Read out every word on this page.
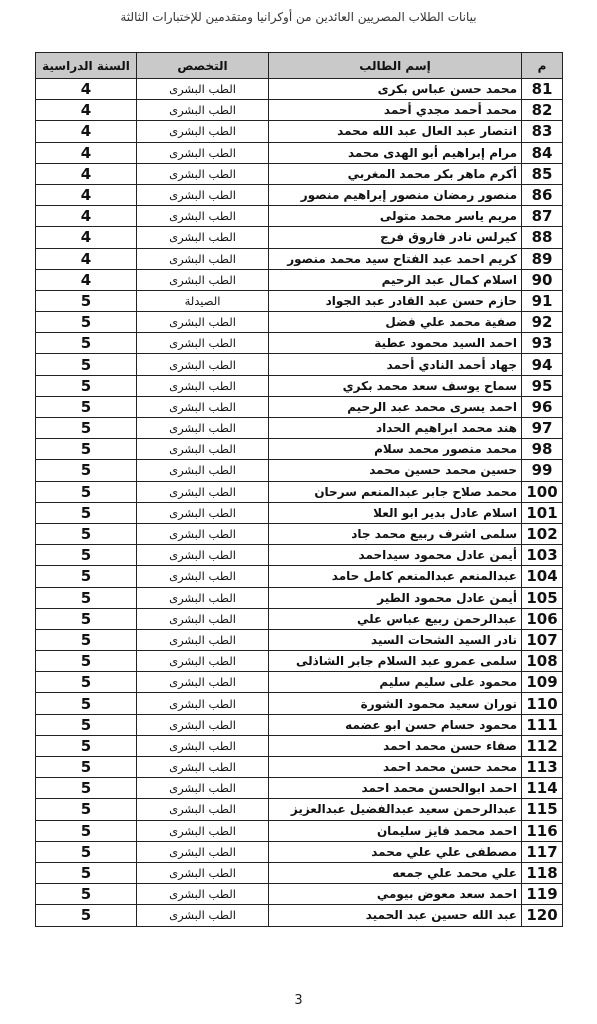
بيانات الطلاب المصريين العائدين من أوكرانيا ومتقدمين للإختبارات الثالثة
م	إسم الطالب	التخصص	السنة الدراسية
81	محمد حسن عباس بكرى	الطب البشرى	4
82	محمد أحمد مجدي أحمد	الطب البشرى	4
83	انتصار عبد العال عبد الله محمد	الطب البشرى	4
84	مرام إبراهيم أبو الهدى محمد	الطب البشرى	4
85	أكرم ماهر بكر محمد المغربي	الطب البشرى	4
86	منصور رمضان منصور إبراهيم منصور	الطب البشرى	4
87	مريم ياسر محمد متولى	الطب البشرى	4
88	كيرلس نادر فاروق فرج	الطب البشرى	4
89	كريم احمد عبد الفتاح سيد محمد منصور	الطب البشرى	4
90	اسلام كمال عبد الرحيم	الطب البشرى	4
91	حازم حسن عبد القادر عبد الجواد	الصيدلة	5
92	صفية محمد علي فضل	الطب البشرى	5
93	احمد السيد محمود عطية	الطب البشرى	5
94	جهاد أحمد النادي أحمد	الطب البشرى	5
95	سماح يوسف سعد محمد بكري	الطب البشرى	5
96	احمد يسرى محمد عبد الرحيم	الطب البشرى	5
97	هند محمد ابراهيم الحداد	الطب البشرى	5
98	محمد منصور محمد سلام	الطب البشرى	5
99	حسين محمد حسين محمد	الطب البشرى	5
100	محمد صلاح جابر عبدالمنعم سرحان	الطب البشرى	5
101	اسلام عادل بدير ابو العلا	الطب البشرى	5
102	سلمى اشرف ربيع محمد جاد	الطب البشرى	5
103	أيمن عادل محمود سيداحمد	الطب البشرى	5
104	عبدالمنعم عبدالمنعم كامل حامد	الطب البشرى	5
105	أيمن عادل محمود الطير	الطب البشرى	5
106	عبدالرحمن ربيع عباس علي	الطب البشرى	5
107	نادر السيد الشحات السيد	الطب البشرى	5
108	سلمى عمرو عبد السلام جابر الشاذلى	الطب البشرى	5
109	محمود على سليم سليم	الطب البشرى	5
110	نوران سعيد محمود الشورة	الطب البشرى	5
111	محمود حسام حسن ابو عضمه	الطب البشرى	5
112	صفاء حسن محمد احمد	الطب البشرى	5
113	محمد حسن محمد احمد	الطب البشرى	5
114	احمد ابوالحسن محمد احمد	الطب البشرى	5
115	عبدالرحمن سعيد عبدالفضيل عبدالعزيز	الطب البشرى	5
116	احمد محمد فايز سليمان	الطب البشرى	5
117	مصطفى علي علي محمد	الطب البشرى	5
118	علي محمد علي جمعه	الطب البشرى	5
119	احمد سعد معوض بيومي	الطب البشرى	5
120	عبد الله حسين عبد الحميد	الطب البشرى	5
3
